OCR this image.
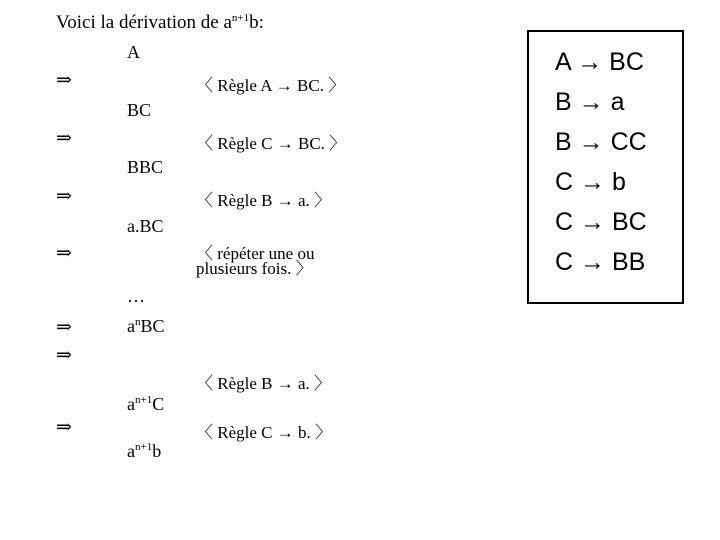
Voici la dérivation de $a^{n+1}b$:
A
BC
BBC
a.BC
…
$a^nBC$
$a^{n+1}C$
$a^{n+1}b$
⇒
⇒
⇒
⇒
⇒
⇒
⇒
〈 Règle A → BC. 〉
〈 Règle C → BC. 〉
〈 Règle B → a. 〉
〈 répéter une ou
plusieurs fois. 〉
〈 Règle B → a. 〉
〈 Règle C → b. 〉
A → BC
B → a
B → CC
C → b
C → BC
C → BB
